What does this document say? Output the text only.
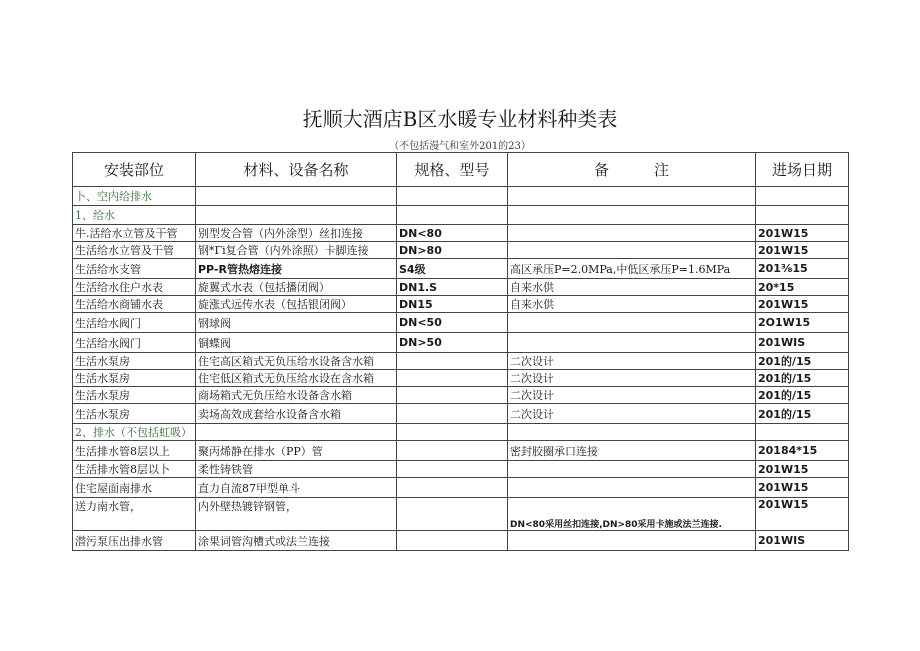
抚顺大酒店B区水暖专业材料种类表
（不包括漫气和室外201的23）
安装部位	材料、设备名称	规格、型号	备　　　注	进场日期
卜、空内给排水				
1、给水				
牛.活给水立管及干管	别型发合管（内外涂型）丝扣连接	DN<80		201W15
生活给水立管及干管	钢*Γi复合管（内外涂照）卡脚连接	DN>80		201W15
生活给水支管	PP-R管热熔连接	S4级	高区承压P=2.0MPa,中低区承压P=1.6MPa	201⅜15
生活给水住户水表	旋翼式水表（包括播闭阀）	DN1.S	自来水供	20*15
生活给水商铺水表	旋涨式远传水表（包括银闭阀）	DN15	自来水供	201W15
生活给水阀门	钢球阀	DN<50		2O1W15
生活给水阀门	铜蝶阀	DN>50		201WIS
生活水泵房	住宅高区箱式无负压给水设备含水箱		二次设计	201的/15
生活水泵房	住宅低区箱式无负压给水设在含水箱		二次设计	201的/15
生活水泵房	商场箱式无负压给水设备含水箱		二次设计	201的/15
生活水泵房	卖场高效成套给水设备含水箱		二次设计	201的/15
2、排水（不包括虹吸）				
生活排水管8层以上	聚丙烯静在排水（PP）管		密封胶圈承口连接	20184*15
生活排水管8层以卜	柔性铸铁管			201W15
住宅屋面南排水	直力自流87甲型单斗			201W15
送力南水管，	内外壁热镀锌钢管，		DN<80采用丝扣连接,DN>80采用卡施或法兰连接.	201W15
潜污泵压出排水管	涂果词管沟槽式或法兰连接			201WIS
